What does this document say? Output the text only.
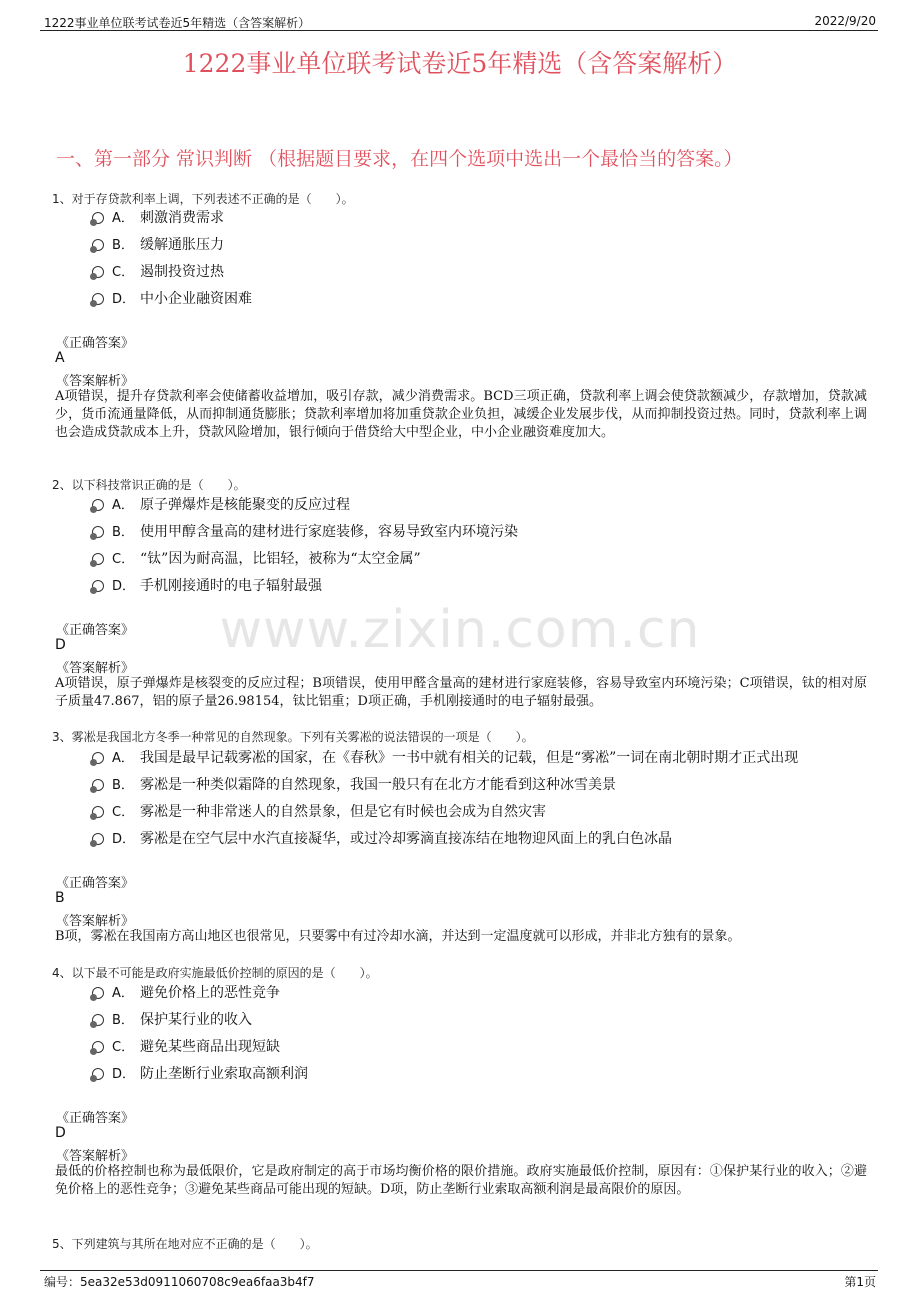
1222事业单位联考试卷近5年精选（含答案解析）	2022/9/20
1222事业单位联考试卷近5年精选（含答案解析）
一、第一部分 常识判断 （根据题目要求，在四个选项中选出一个最恰当的答案。）
www.zixin.com.cn
1、对于存贷款利率上调，下列表述不正确的是（　　）。
A． 刺激消费需求
B． 缓解通胀压力
C． 遏制投资过热
D． 中小企业融资困难
《正确答案》
A
《答案解析》
A项错误，提升存贷款利率会使储蓄收益增加，吸引存款，减少消费需求。BCD三项正确，贷款利率上调会使贷款额减少，存款增加，贷款减少，货币流通量降低，从而抑制通货膨胀；贷款利率增加将加重贷款企业负担，减缓企业发展步伐，从而抑制投资过热。同时，贷款利率上调也会造成贷款成本上升，贷款风险增加，银行倾向于借贷给大中型企业，中小企业融资难度加大。
2、以下科技常识正确的是（　　）。
A． 原子弹爆炸是核能聚变的反应过程
B． 使用甲醇含量高的建材进行家庭装修，容易导致室内环境污染
C． “钛”因为耐高温，比铝轻，被称为“太空金属”
D． 手机刚接通时的电子辐射最强
《正确答案》
D
《答案解析》
A项错误，原子弹爆炸是核裂变的反应过程；B项错误，使用甲醛含量高的建材进行家庭装修，容易导致室内环境污染；C项错误，钛的相对原子质量47.867，铝的原子量26.98154，钛比铝重；D项正确，手机刚接通时的电子辐射最强。
3、雾凇是我国北方冬季一种常见的自然现象。下列有关雾凇的说法错误的一项是（　　）。
A． 我国是最早记载雾凇的国家，在《春秋》一书中就有相关的记载，但是“雾凇”一词在南北朝时期才正式出现
B． 雾凇是一种类似霜降的自然现象，我国一般只有在北方才能看到这种冰雪美景
C． 雾凇是一种非常迷人的自然景象，但是它有时候也会成为自然灾害
D． 雾凇是在空气层中水汽直接凝华，或过冷却雾滴直接冻结在地物迎风面上的乳白色冰晶
《正确答案》
B
《答案解析》
B项，雾凇在我国南方高山地区也很常见，只要雾中有过冷却水滴，并达到一定温度就可以形成，并非北方独有的景象。
4、以下最不可能是政府实施最低价控制的原因的是（　　）。
A． 避免价格上的恶性竞争
B． 保护某行业的收入
C． 避免某些商品出现短缺
D． 防止垄断行业索取高额利润
《正确答案》
D
《答案解析》
最低的价格控制也称为最低限价，它是政府制定的高于市场均衡价格的限价措施。政府实施最低价控制，原因有：①保护某行业的收入；②避免价格上的恶性竞争；③避免某些商品可能出现的短缺。D项，防止垄断行业索取高额利润是最高限价的原因。
5、下列建筑与其所在地对应不正确的是（　　）。
编号：5ea32e53d0911060708c9ea6faa3b4f7	第1页
